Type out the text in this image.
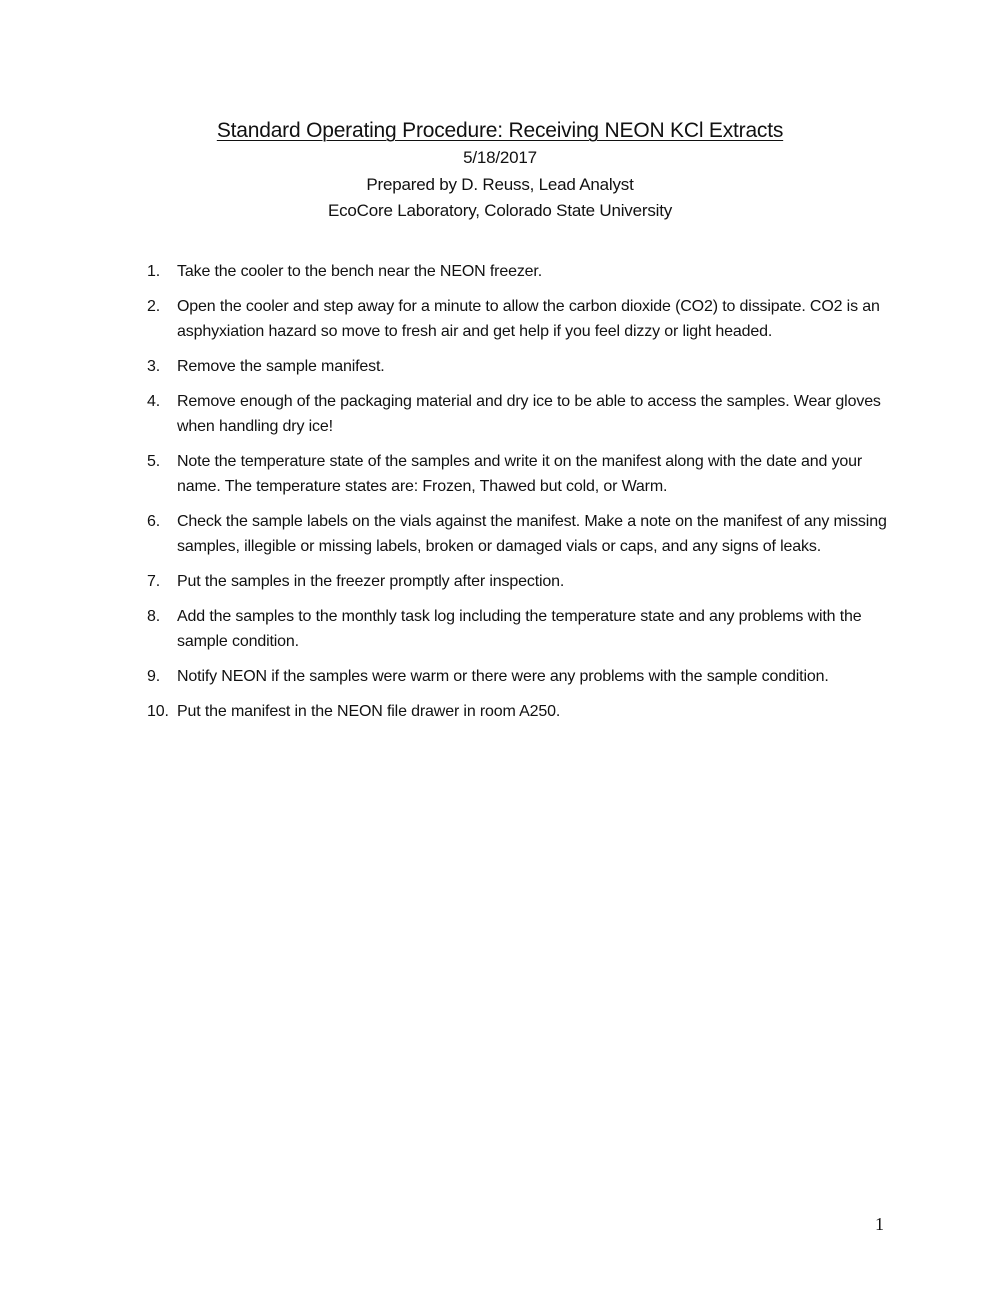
Standard Operating Procedure: Receiving NEON KCl Extracts
5/18/2017
Prepared by D. Reuss, Lead Analyst
EcoCore Laboratory, Colorado State University
1. Take the cooler to the bench near the NEON freezer.
2. Open the cooler and step away for a minute to allow the carbon dioxide (CO2) to dissipate. CO2 is an asphyxiation hazard so move to fresh air and get help if you feel dizzy or light headed.
3. Remove the sample manifest.
4. Remove enough of the packaging material and dry ice to be able to access the samples. Wear gloves when handling dry ice!
5. Note the temperature state of the samples and write it on the manifest along with the date and your name. The temperature states are: Frozen, Thawed but cold, or Warm.
6. Check the sample labels on the vials against the manifest. Make a note on the manifest of any missing samples, illegible or missing labels, broken or damaged vials or caps, and any signs of leaks.
7. Put the samples in the freezer promptly after inspection.
8. Add the samples to the monthly task log including the temperature state and any problems with the sample condition.
9. Notify NEON if the samples were warm or there were any problems with the sample condition.
10. Put the manifest in the NEON file drawer in room A250.
1
